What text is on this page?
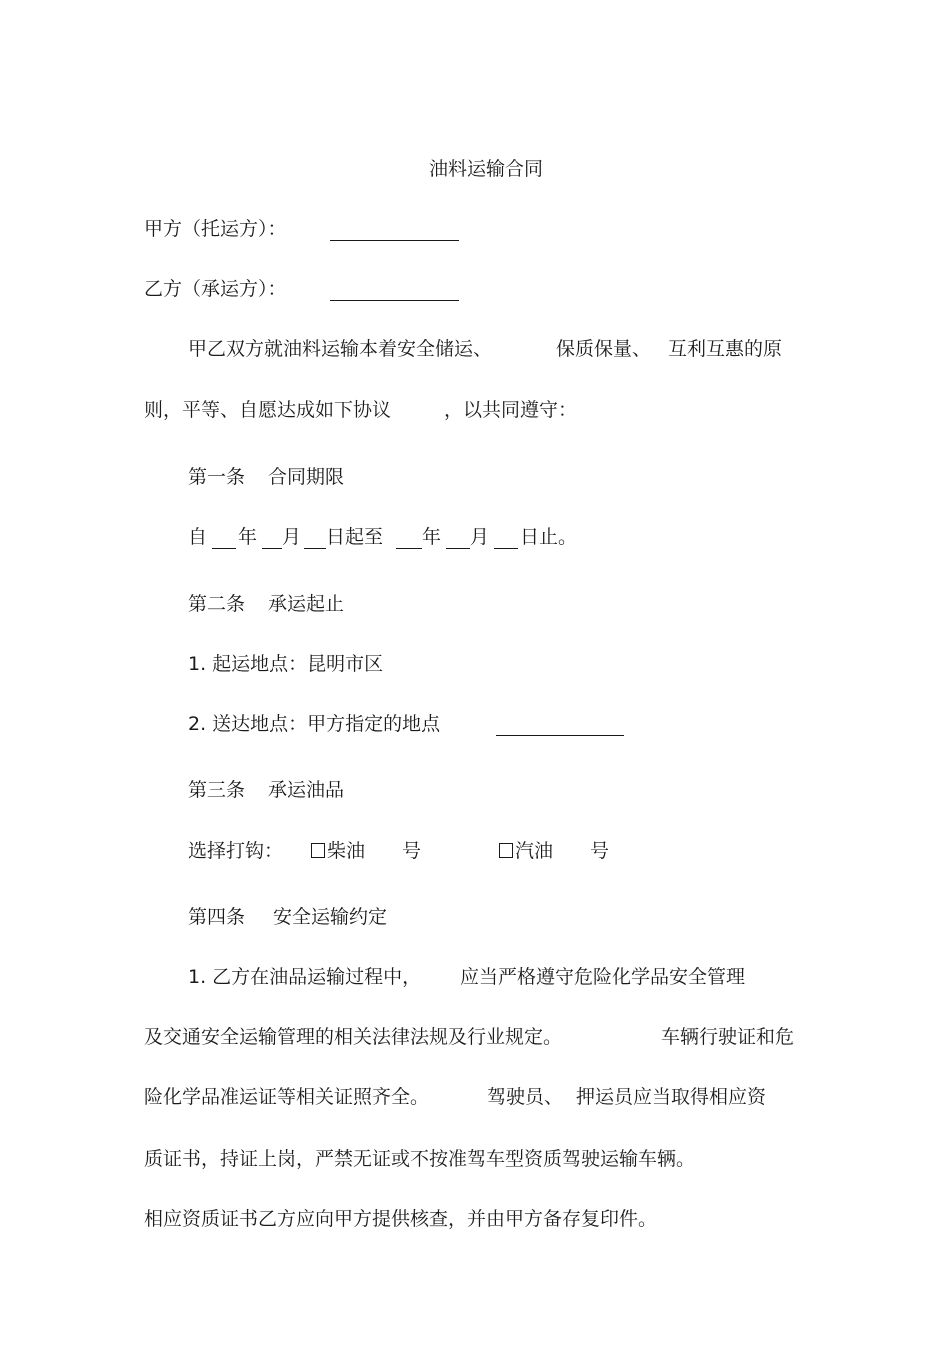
油料运输合同
甲方（托运方）：
乙方（承运方）：
甲乙双方就油料运输本着安全储运、	保质保量、 互利互惠的原
则，平等、自愿达成如下协议	，以共同遵守：
第一条 合同期限
自 年 月 日起至 年 月 日止。
第二条 承运起止
1. 起运地点：昆明市区
2. 送达地点：甲方指定的地点
第三条 承运油品
选择打钩：	柴油 号	汽油 号
第四条 安全运输约定
1. 乙方在油品运输过程中， 应当严格遵守危险化学品安全管理
及交通安全运输管理的相关法律法规及行业规定。	车辆行驶证和危
险化学品准运证等相关证照齐全。	驾驶员、 押运员应当取得相应资
质证书，持证上岗，严禁无证或不按准驾车型资质驾驶运输车辆。
相应资质证书乙方应向甲方提供核查，并由甲方备存复印件。
